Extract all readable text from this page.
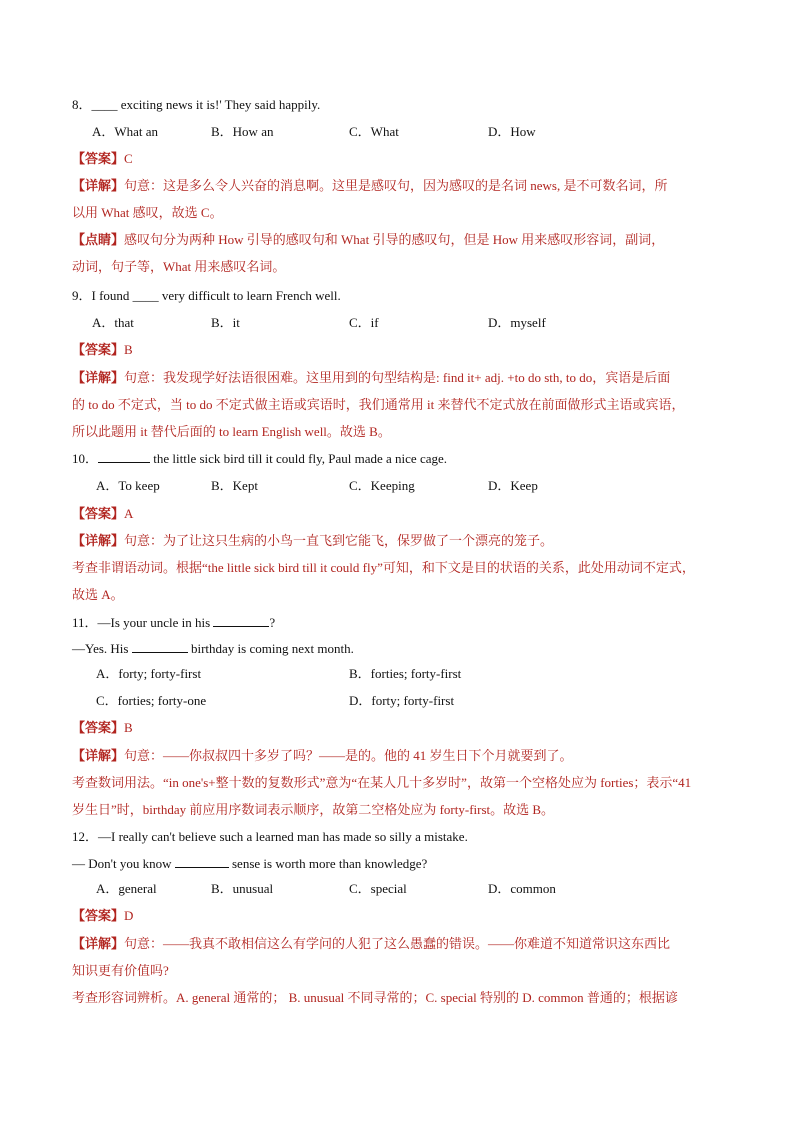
8．____ exciting news it is!' They said happily.
A．What an	B．How an	C．What	D．How
【答案】C
【详解】句意：这是多么令人兴奋的消息啊。这里是感叹句，因为感叹的是名词 news, 是不可数名词，所
以用 What 感叹，故选 C。
【点睛】感叹句分为两种 How 引导的感叹句和 What 引导的感叹句，但是 How 用来感叹形容词，副词，
动词，句子等，What 用来感叹名词。
9．I found ____ very difficult to learn French well.
A．that	B．it	C．if	D．myself
【答案】B
【详解】句意：我发现学好法语很困难。这里用到的句型结构是: find it+ adj. +to do sth, to do，宾语是后面
的 to do 不定式，当 to do 不定式做主语或宾语时，我们通常用 it 来替代不定式放在前面做形式主语或宾语，
所以此题用 it 替代后面的 to learn English well。故选 B。
10．	the little sick bird till it could fly, Paul made a nice cage.
A．To keep	B．Kept	C．Keeping	D．Keep
【答案】A
【详解】句意：为了让这只生病的小鸟一直飞到它能飞，保罗做了一个漂亮的笼子。
考查非谓语动词。根据“the little sick bird till it could fly”可知，和下文是目的状语的关系，此处用动词不定式，
故选 A。
11．—Is your uncle in his	?
—Yes. His	birthday is coming next month.
A．forty; forty-first	B．forties; forty-first
C．forties; forty-one	D．forty; forty-first
【答案】B
【详解】句意：——你叔叔四十多岁了吗？——是的。他的 41 岁生日下个月就要到了。
考查数词用法。“in one's+整十数的复数形式”意为“在某人几十多岁时”，故第一个空格处应为 forties；表示“41
岁生日”时，birthday 前应用序数词表示顺序，故第二空格处应为 forty-first。故选 B。
12．—I really can't believe such a learned man has made so silly a mistake.
— Don't you know	sense is worth more than knowledge?
A．general	B．unusual	C．special	D．common
【答案】D
【详解】句意：——我真不敢相信这么有学问的人犯了这么愚蠢的错误。——你难道不知道常识这东西比
知识更有价值吗?
考查形容词辨析。A. general 通常的； B. unusual 不同寻常的；C. special 特别的 D. common 普通的；根据谚
